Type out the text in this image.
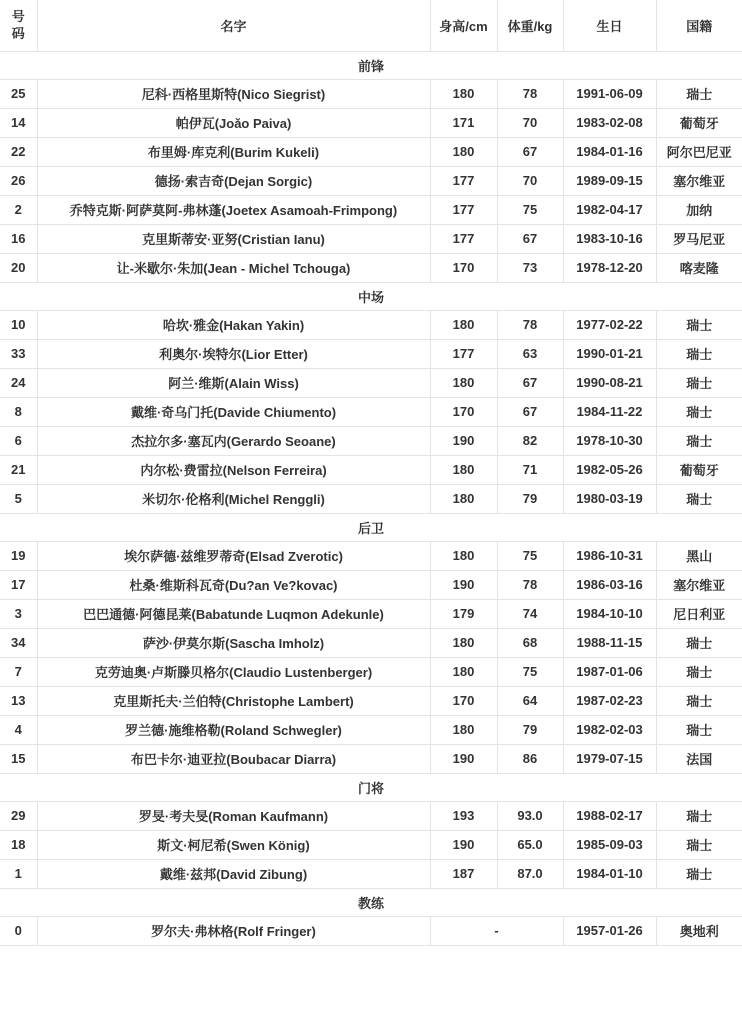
号码	名字	身高/cm	体重/kg	生日	国籍
前锋					
25	尼科·西格里斯特(Nico Siegrist)	180	78	1991-06-09	瑞士
14	帕伊瓦(Joǎo Paiva)	171	70	1983-02-08	葡萄牙
22	布里姆·库克利(Burim Kukeli)	180	67	1984-01-16	阿尔巴尼亚
26	德扬·索吉奇(Dejan Sorgic)	177	70	1989-09-15	塞尔维亚
2	乔特克斯·阿萨莫阿-弗林蓬(Joetex Asamoah-Frimpong)	177	75	1982-04-17	加纳
16	克里斯蒂安·亚努(Cristian Ianu)	177	67	1983-10-16	罗马尼亚
20	让-米歇尔·朱加(Jean - Michel Tchouga)	170	73	1978-12-20	喀麦隆
中场					
10	哈坎·雅金(Hakan Yakin)	180	78	1977-02-22	瑞士
33	利奥尔·埃特尔(Lior Etter)	177	63	1990-01-21	瑞士
24	阿兰·维斯(Alain Wiss)	180	67	1990-08-21	瑞士
8	戴维·奇乌门托(Davide Chiumento)	170	67	1984-11-22	瑞士
6	杰拉尔多·塞瓦内(Gerardo Seoane)	190	82	1978-10-30	瑞士
21	内尔松·费雷拉(Nelson Ferreira)	180	71	1982-05-26	葡萄牙
5	米切尔·伦格利(Michel Renggli)	180	79	1980-03-19	瑞士
后卫					
19	埃尔萨德·兹维罗蒂奇(Elsad Zverotic)	180	75	1986-10-31	黑山
17	杜桑·维斯科瓦奇(Du?an Ve?kovac)	190	78	1986-03-16	塞尔维亚
3	巴巴通德·阿德昆莱(Babatunde Luqmon Adekunle)	179	74	1984-10-10	尼日利亚
34	萨沙·伊莫尔斯(Sascha Imholz)	180	68	1988-11-15	瑞士
7	克劳迪奥·卢斯滕贝格尔(Claudio Lustenberger)	180	75	1987-01-06	瑞士
13	克里斯托夫·兰伯特(Christophe Lambert)	170	64	1987-02-23	瑞士
4	罗兰德·施维格勒(Roland Schwegler)	180	79	1982-02-03	瑞士
15	布巴卡尔·迪亚拉(Boubacar Diarra)	190	86	1979-07-15	法国
门将					
29	罗旻·考夫旻(Roman Kaufmann)	193	93.0	1988-02-17	瑞士
18	斯文·柯尼希(Swen König)	190	65.0	1985-09-03	瑞士
1	戴维·兹邦(David Zibung)	187	87.0	1984-01-10	瑞士
教练					
0	罗尔夫·弗林格(Rolf Fringer)	-		1957-01-26	奥地利
